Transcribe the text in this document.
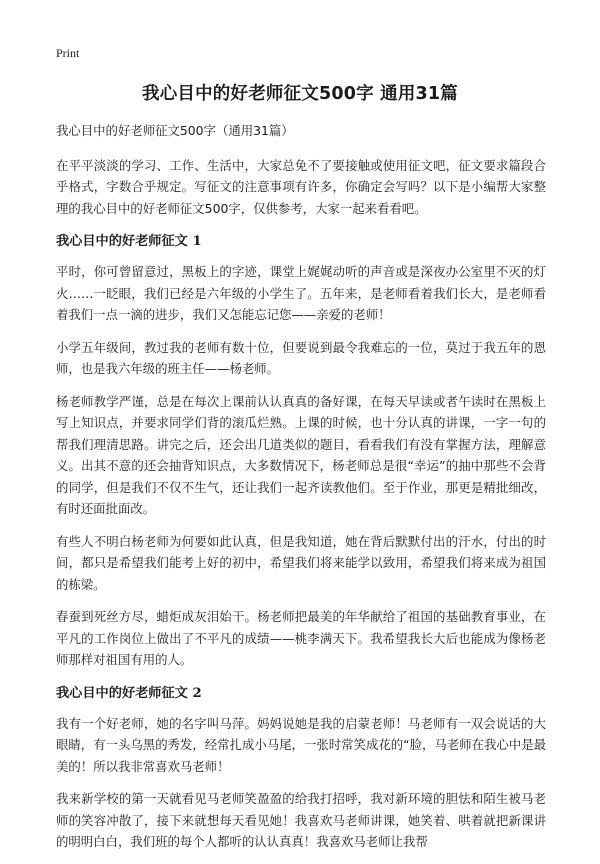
Print
我心目中的好老师征文500字 通用31篇

我心目中的好老师征文500字（通用31篇）

在平平淡淡的学习、工作、生活中，大家总免不了要接触或使用征文吧，征文要求篇段合乎格式，字数合乎规定。写征文的注意事项有许多，你确定会写吗？以下是小编帮大家整理的我心目中的好老师征文500字，仅供参考，大家一起来看看吧。

我心目中的好老师征文 1

平时，你可曾留意过，黑板上的字迹，课堂上娓娓动听的声音或是深夜办公室里不灭的灯火……一眨眼，我们已经是六年级的小学生了。五年来，是老师看着我们长大，是老师看着我们一点一滴的进步，我们又怎能忘记您——亲爱的老师！

小学五年级间，教过我的老师有数十位，但要说到最令我难忘的一位，莫过于我五年的恩师，也是我六年级的班主任——杨老师。

杨老师教学严谨，总是在每次上课前认认真真的备好课，在每天早读或者午读时在黑板上写上知识点，并要求同学们背的滚瓜烂熟。上课的时候，也十分认真的讲课，一字一句的 帮我们理清思路。讲完之后，还会出几道类似的题目，看看我们有没有掌握方法，理解意义。出其不意的还会抽背知识点，大多数情况下，杨老师总是很“幸运”的抽中那些不会背的同学，但是我们不仅不生气，还让我们一起齐读教他们。至于作业，那更是精批细改，有时还面批面改。

有些人不明白杨老师为何要如此认真，但是我知道，她在背后默默付出的汗水，付出的时间，都只是希望我们能考上好的初中，希望我们将来能学以致用，希望我们将来成为祖国的栋梁。

春蚕到死丝方尽，蜡炬成灰泪始干。杨老师把最美的年华献给了祖国的基础教育事业，在平凡的工作岗位上做出了不平凡的成绩——桃李满天下。我希望我长大后也能成为像杨老师那样对祖国有用的人。

我心目中的好老师征文 2

我有一个好老师，她的名字叫马萍。妈妈说她是我的启蒙老师！马老师有一双会说话的大眼睛，有一头乌黑的秀发，经常扎成小马尾，一张时常笑成花的“脸，马老师在我心中是最美的！所以我非常喜欢马老师！

我来新学校的第一天就看见马老师笑盈盈的给我打招呼，我对新环境的胆怯和陌生被马老师的笑容冲散了，接下来就想每天看见她！我喜欢马老师讲课，她笑着、哄着就把新课讲的明明白白，我们班的每个人都听的认认真真！我喜欢马老师让我帮
